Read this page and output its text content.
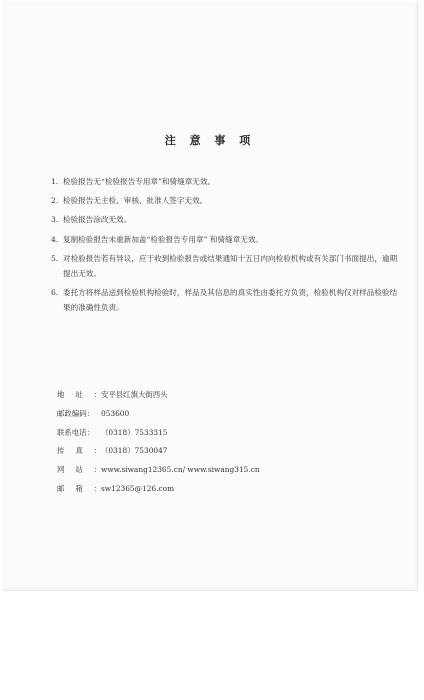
注 意 事 项
1. 检验报告无“检验报告专用章”和骑缝章无效。
2. 检验报告无主检、审核、批准人签字无效。
3. 检验报告涂改无效。
4. 复制检验报告未重新加盖“检验报告专用章” 和骑缝章无效。
5. 对检验报告若有异议，应于收到检验报告或结果通知十五日内向检验机构或有关部门书面提出，逾期提出无效。
6. 委托方将样品送到检验机构检验时，样品及其信息的真实性由委托方负责，检验机构仅对样品检验结果的准确性负责。
地址：
安平县红旗大街西头
邮政编码： 053600
联系电话： （0318）7533315
传真：
（0318）7530047
网站：
www.siwang12365.cn/ www.siwang315.cn
邮箱：
sw12365@126.com
